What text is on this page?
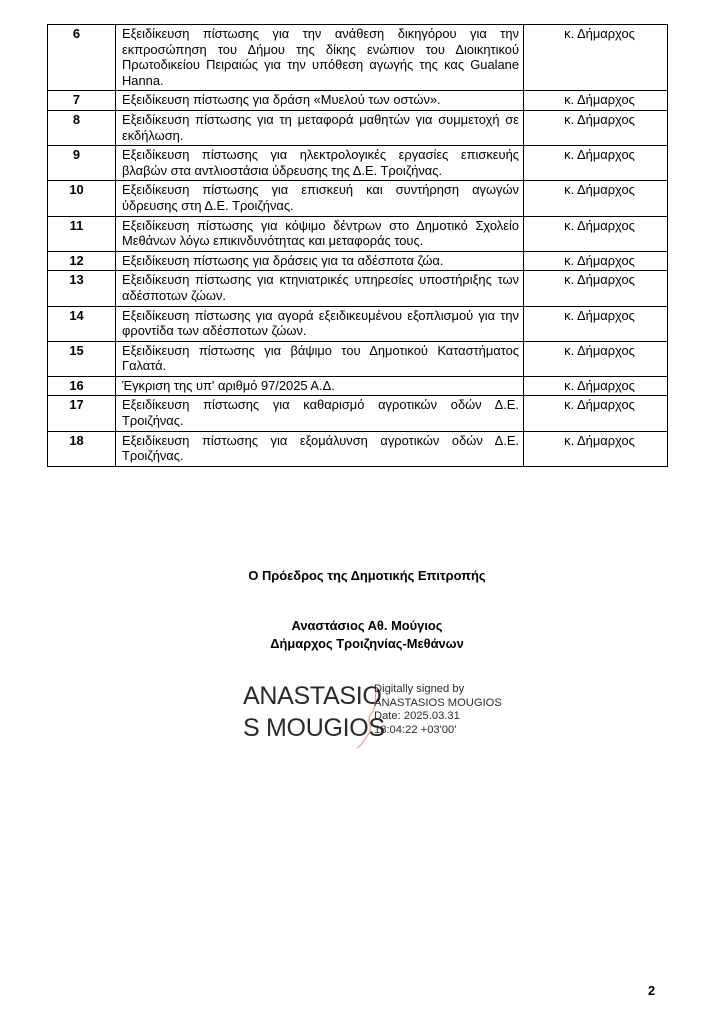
6	Εξειδίκευση πίστωσης για την ανάθεση δικηγόρου για την εκπροσώπηση του Δήμου της δίκης ενώπιον του Διοικητικού Πρωτοδικείου Πειραιώς για την υπόθεση αγωγής της κας Gualane Hanna.	κ. Δήμαρχος
7	Εξειδίκευση πίστωσης για δράση «Μυελού των οστών».	κ. Δήμαρχος
8	Εξειδίκευση πίστωσης για τη μεταφορά μαθητών για συμμετοχή σε εκδήλωση.	κ. Δήμαρχος
9	Εξειδίκευση πίστωσης για ηλεκτρολογικές εργασίες επισκευής βλαβών στα αντλιοστάσια ύδρευσης της Δ.Ε. Τροιζήνας.	κ. Δήμαρχος
10	Εξειδίκευση πίστωσης για επισκευή και συντήρηση αγωγών ύδρευσης στη Δ.Ε. Τροιζήνας.	κ. Δήμαρχος
11	Εξειδίκευση πίστωσης για κόψιμο δέντρων στο Δημοτικό Σχολείο Μεθάνων λόγω επικινδυνότητας και μεταφοράς τους.	κ. Δήμαρχος
12	Εξειδίκευση πίστωσης για δράσεις για τα αδέσποτα ζώα.	κ. Δήμαρχος
13	Εξειδίκευση πίστωσης για κτηνιατρικές υπηρεσίες υποστήριξης των αδέσποτων ζώων.	κ. Δήμαρχος
14	Εξειδίκευση πίστωσης για αγορά εξειδικευμένου εξοπλισμού για την φροντίδα των αδέσποτων ζώων.	κ. Δήμαρχος
15	Εξειδίκευση πίστωσης για βάψιμο του Δημοτικού Καταστήματος Γαλατά.	κ. Δήμαρχος
16	Έγκριση της υπ' αριθμό 97/2025 Α.Δ.	κ. Δήμαρχος
17	Εξειδίκευση πίστωσης για καθαρισμό αγροτικών οδών Δ.Ε. Τροιζήνας.	κ. Δήμαρχος
18	Εξειδίκευση πίστωσης για εξομάλυνση αγροτικών οδών Δ.Ε. Τροιζήνας.	κ. Δήμαρχος
Ο Πρόεδρος της Δημοτικής Επιτροπής
Αναστάσιος Αθ. Μούγιος
Δήμαρχος Τροιζηνίας-Μεθάνων
ANASTASIO
S MOUGIOS
Digitally signed by
ANASTASIOS MOUGIOS
Date: 2025.03.31
18:04:22 +03'00'
2
